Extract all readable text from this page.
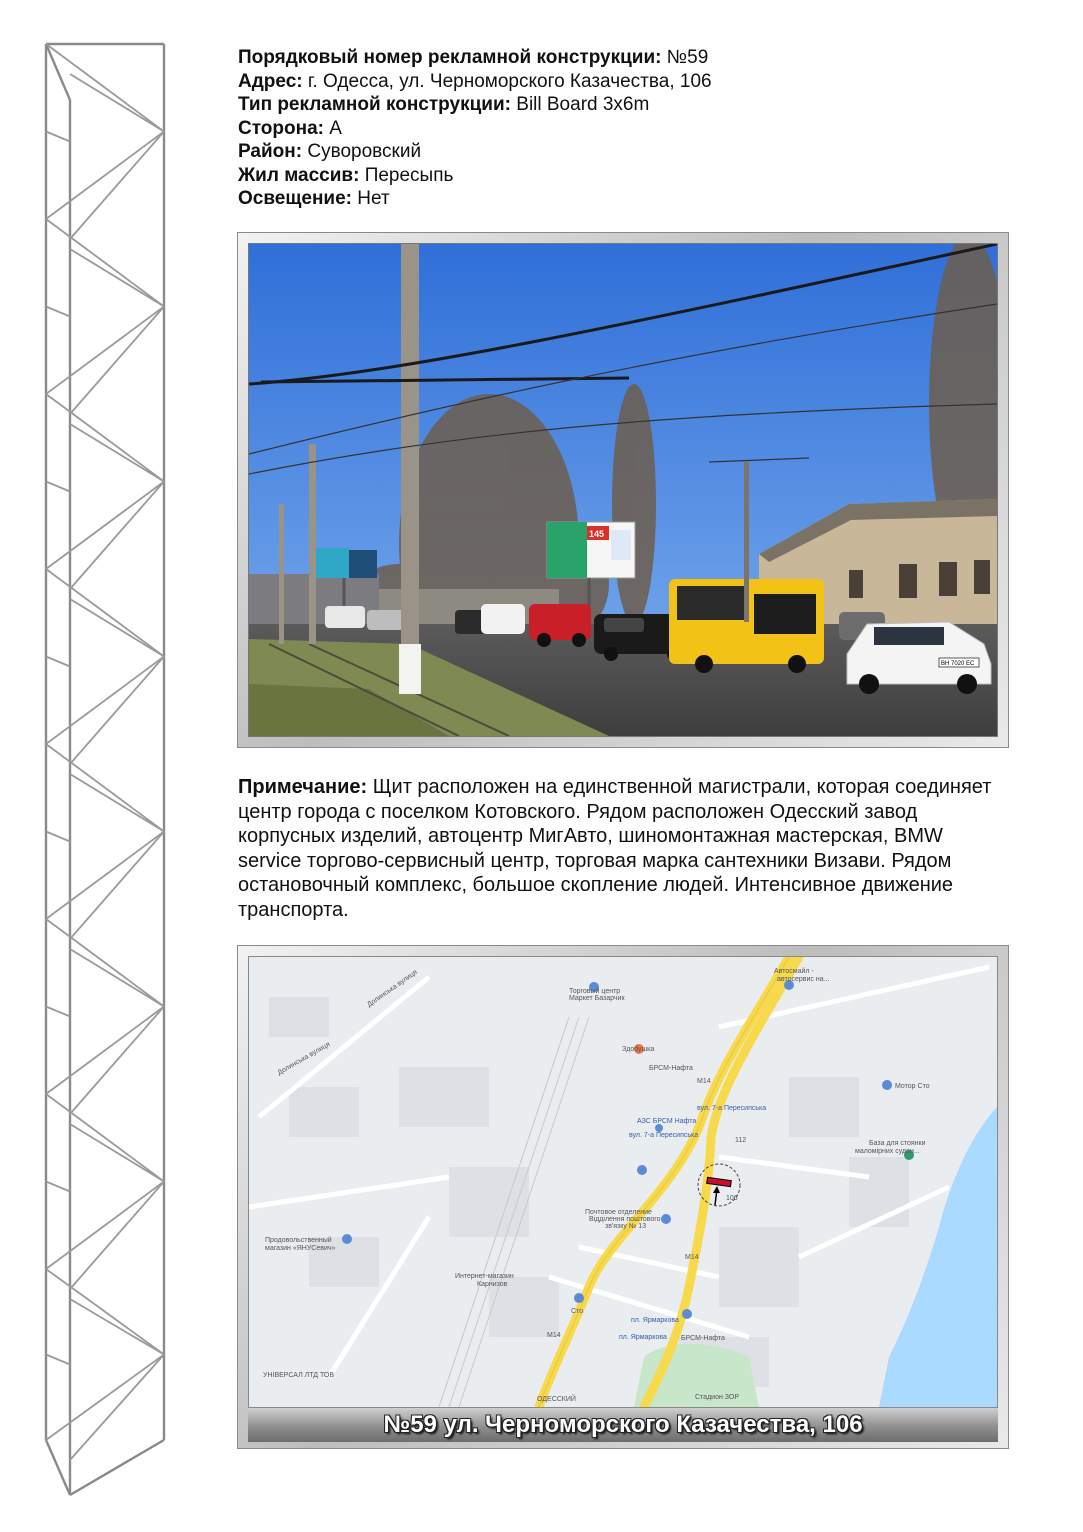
Порядковый номер рекламной конструкции: №59
Адрес: г. Одесса, ул. Черноморского Казачества, 106
Тип рекламной конструкции: Bill Board 3x6m
Сторона: А
Район: Суворовский
Жил массив: Пересыпь
Освещение: Нет
145
ВН 7020 ЕС
Примечание: Щит расположен на единственной магистрали, которая соединяет центр города с поселком Котовского. Рядом расположен Одесский завод корпусных изделий, автоцентр МигАвто, шиномонтажная мастерская, BMW service торгово-сервисный центр, торговая марка сантехники Визави. Рядом остановочный комплекс, большое скопление людей. Интенсивное движение транспорта.
Автосмайл -
автосервис на...
Торговый центр
Маркет Базарчик
Долинська вулиця
Долинська вулиця	Здобушка
БРСМ-Нафта
М14
Мотор Сто
АЗС БРСМ Нафта
вул. 7-а Пересипська
вул. 7-а Пересипська
База для стоянки
маломірних суден...
Почтовое отделение
Відділення поштового
зв'язку № 13
М14
Продовольственный
магазин «ЯНУСевич»
Интернет-магазин
Карнизов
Сто
пл. Ярмаркова
пл. Ярмаркова
М14	БРСМ-Нафта
УНІВЕРСАЛ ЛТД ТОВ
ОДЕССКИЙ	Стадион ЗОР
106
112
№59 ул. Черноморского Казачества, 106
